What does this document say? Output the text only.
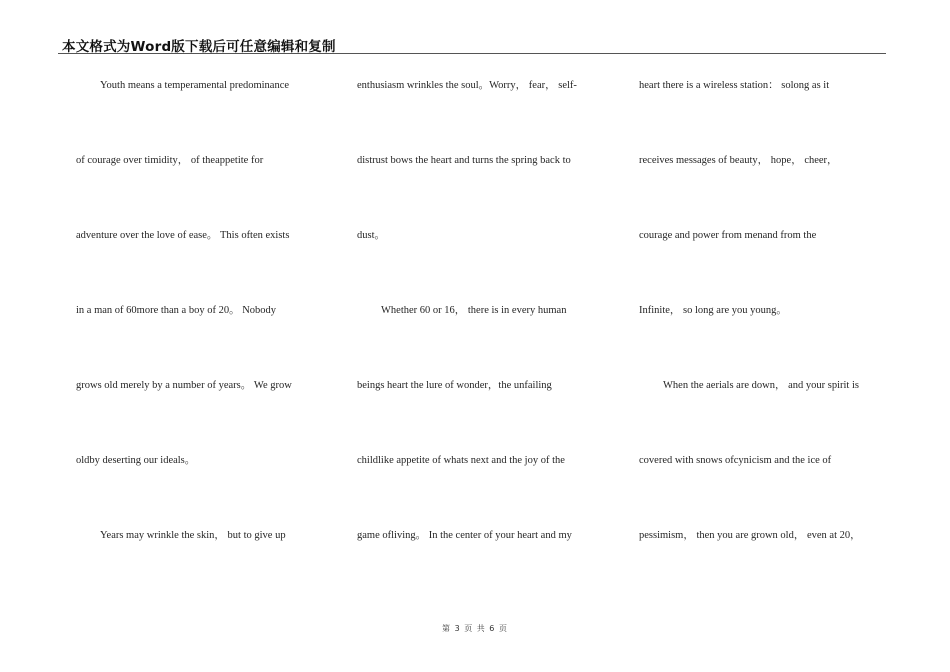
本文格式为Word版下载后可任意编辑和复制
Youth means a temperamental predominance
of courage over timidity， of theappetite for
adventure over the love of ease。 This often exists
in a man of 60more than a boy of 20。 Nobody
grows old merely by a number of years。 We grow
oldby deserting our ideals。
Years may wrinkle the skin， but to give up
enthusiasm wrinkles the soul。Worry， fear， self-
distrust bows the heart and turns the spring back to
dust。
Whether 60 or 16， there is in every human
beings heart the lure of wonder，the unfailing
childlike appetite of whats next and the joy of the
game ofliving。 In the center of your heart and my
heart there is a wireless station： solong as it
receives messages of beauty， hope， cheer，
courage and power from menand from the
Infinite， so long are you young。
When the aerials are down， and your spirit is
covered with snows ofcynicism and the ice of
pessimism， then you are grown old， even at 20，
第 3 页 共 6 页
